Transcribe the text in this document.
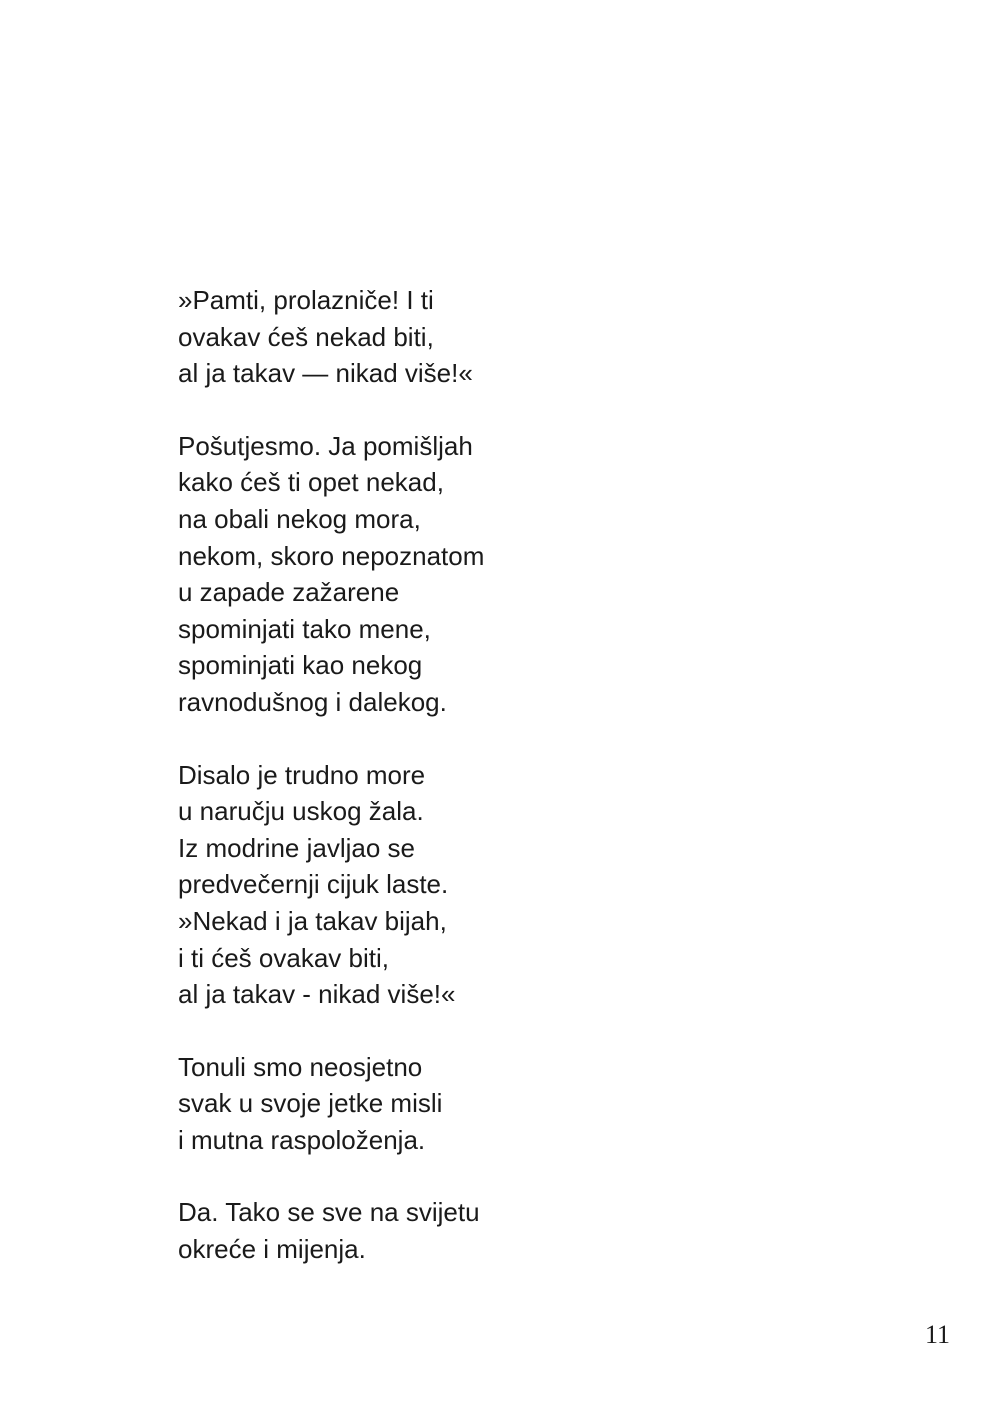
»Pamti, prolazniče! I ti
ovakav ćeš nekad biti,
al ja takav — nikad više!«
Pošutjesmo. Ja pomišljah
kako ćeš ti opet nekad,
na obali nekog mora,
nekom, skoro nepoznatom
u zapade zažarene
spominjati tako mene,
spominjati kao nekog
ravnodušnog i dalekog.
Disalo je trudno more
u naručju uskog žala.
Iz modrine javljao se
predvečernji cijuk laste.
»Nekad i ja takav bijah,
i ti ćeš ovakav biti,
al ja takav - nikad više!«
Tonuli smo neosjetno
svak u svoje jetke misli
i mutna raspoloženja.
Da. Tako se sve na svijetu
okreće i mijenja.
11
